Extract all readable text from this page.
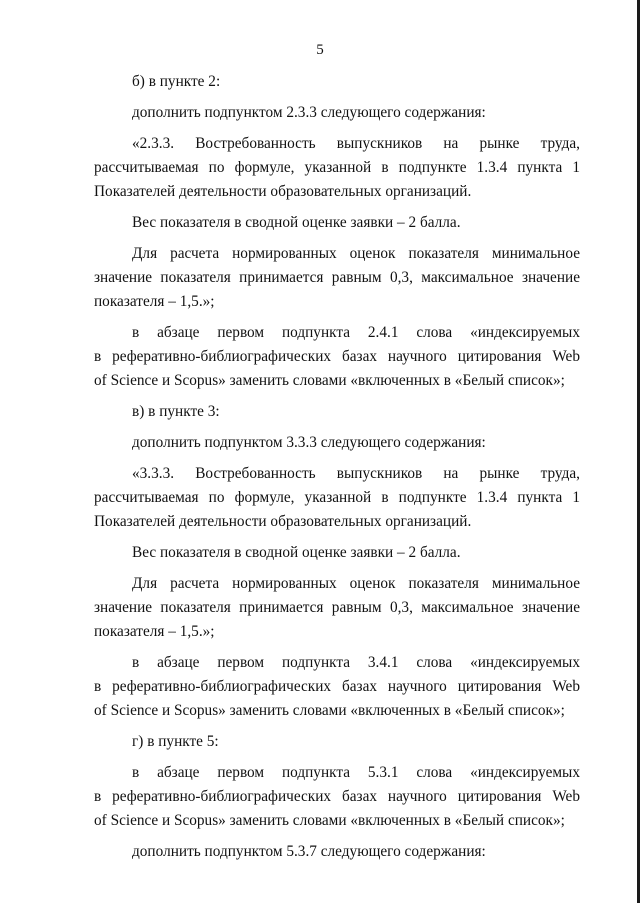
5
б) в пункте 2:
дополнить подпунктом 2.3.3 следующего содержания:
«2.3.3. Востребованность выпускников на рынке труда,
рассчитываемая по формуле, указанной в подпункте 1.3.4 пункта 1
Показателей деятельности образовательных организаций.
Вес показателя в сводной оценке заявки – 2 балла.
Для расчета нормированных оценок показателя минимальное
значение показателя принимается равным 0,3, максимальное значение
показателя – 1,5.»;
в абзаце первом подпункта 2.4.1 слова «индексируемых
в реферативно-библиографических базах научного цитирования Web
of Science и Scopus» заменить словами «включенных в «Белый список»;
в) в пункте 3:
дополнить подпунктом 3.3.3 следующего содержания:
«3.3.3. Востребованность выпускников на рынке труда,
рассчитываемая по формуле, указанной в подпункте 1.3.4 пункта 1
Показателей деятельности образовательных организаций.
Вес показателя в сводной оценке заявки – 2 балла.
Для расчета нормированных оценок показателя минимальное
значение показателя принимается равным 0,3, максимальное значение
показателя – 1,5.»;
в абзаце первом подпункта 3.4.1 слова «индексируемых
в реферативно-библиографических базах научного цитирования Web
of Science и Scopus» заменить словами «включенных в «Белый список»;
г) в пункте 5:
в абзаце первом подпункта 5.3.1 слова «индексируемых
в реферативно-библиографических базах научного цитирования Web
of Science и Scopus» заменить словами «включенных в «Белый список»;
дополнить подпунктом 5.3.7 следующего содержания:
